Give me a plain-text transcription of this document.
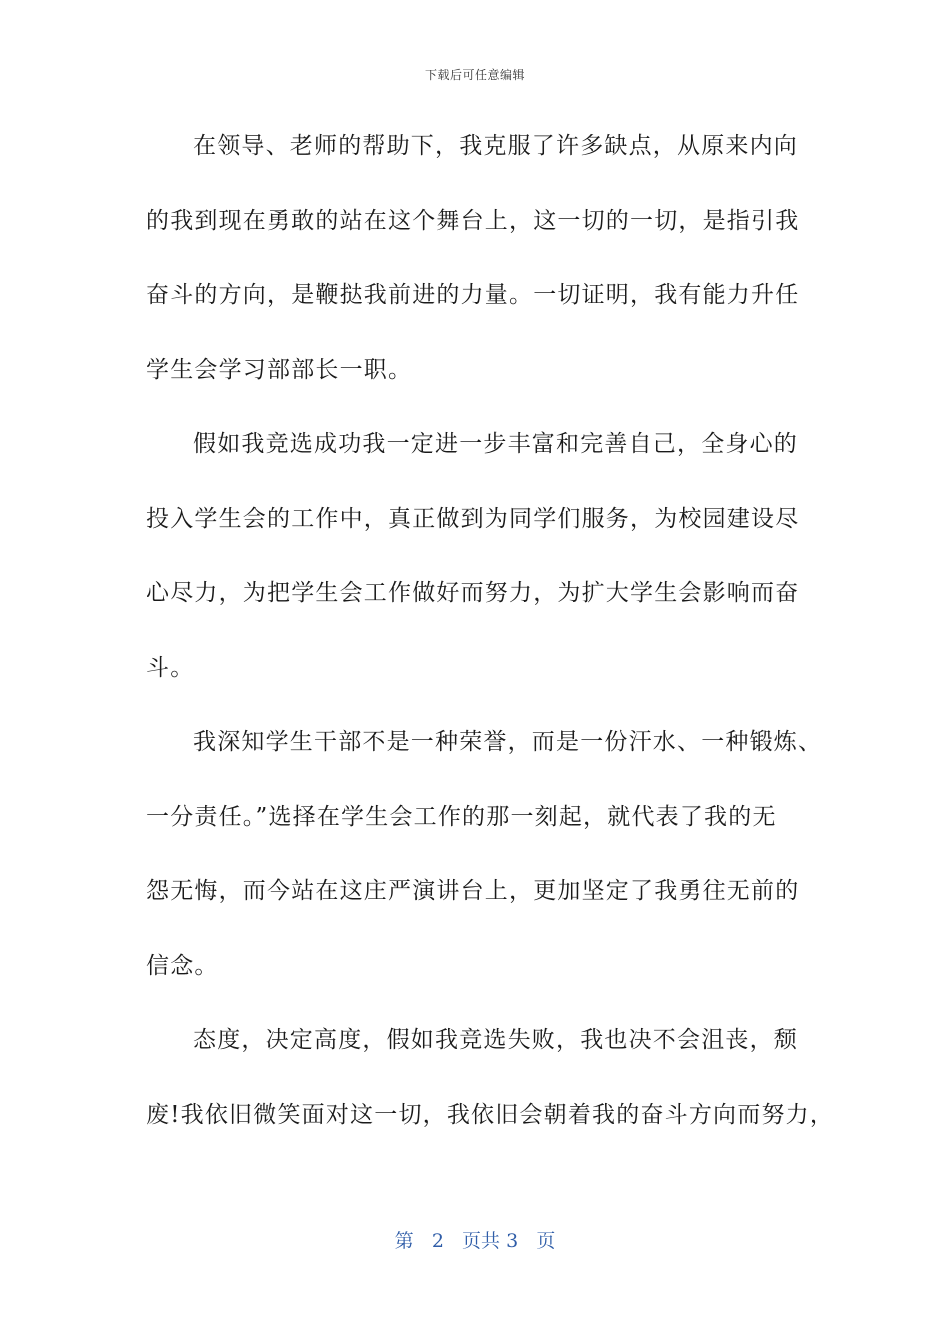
下载后可任意编辑
在领导、老师的帮助下，我克服了许多缺点，从原来内向
的我到现在勇敢的站在这个舞台上，这一切的一切，是指引我
奋斗的方向，是鞭挞我前进的力量。一切证明，我有能力升任
学生会学习部部长一职。
假如我竞选成功我一定进一步丰富和完善自己，全身心的
投入学生会的工作中，真正做到为同学们服务，为校园建设尽
心尽力，为把学生会工作做好而努力，为扩大学生会影响而奋
斗。
我深知学生干部不是一种荣誉，而是一份汗水、一种锻炼、
一分责任。”选择在学生会工作的那一刻起，就代表了我的无
怨无悔，而今站在这庄严演讲台上，更加坚定了我勇往无前的
信念。
态度，决定高度，假如我竞选失败，我也决不会沮丧，颓
废!我依旧微笑面对这一切，我依旧会朝着我的奋斗方向而努力，
第 2 页共 3 页
